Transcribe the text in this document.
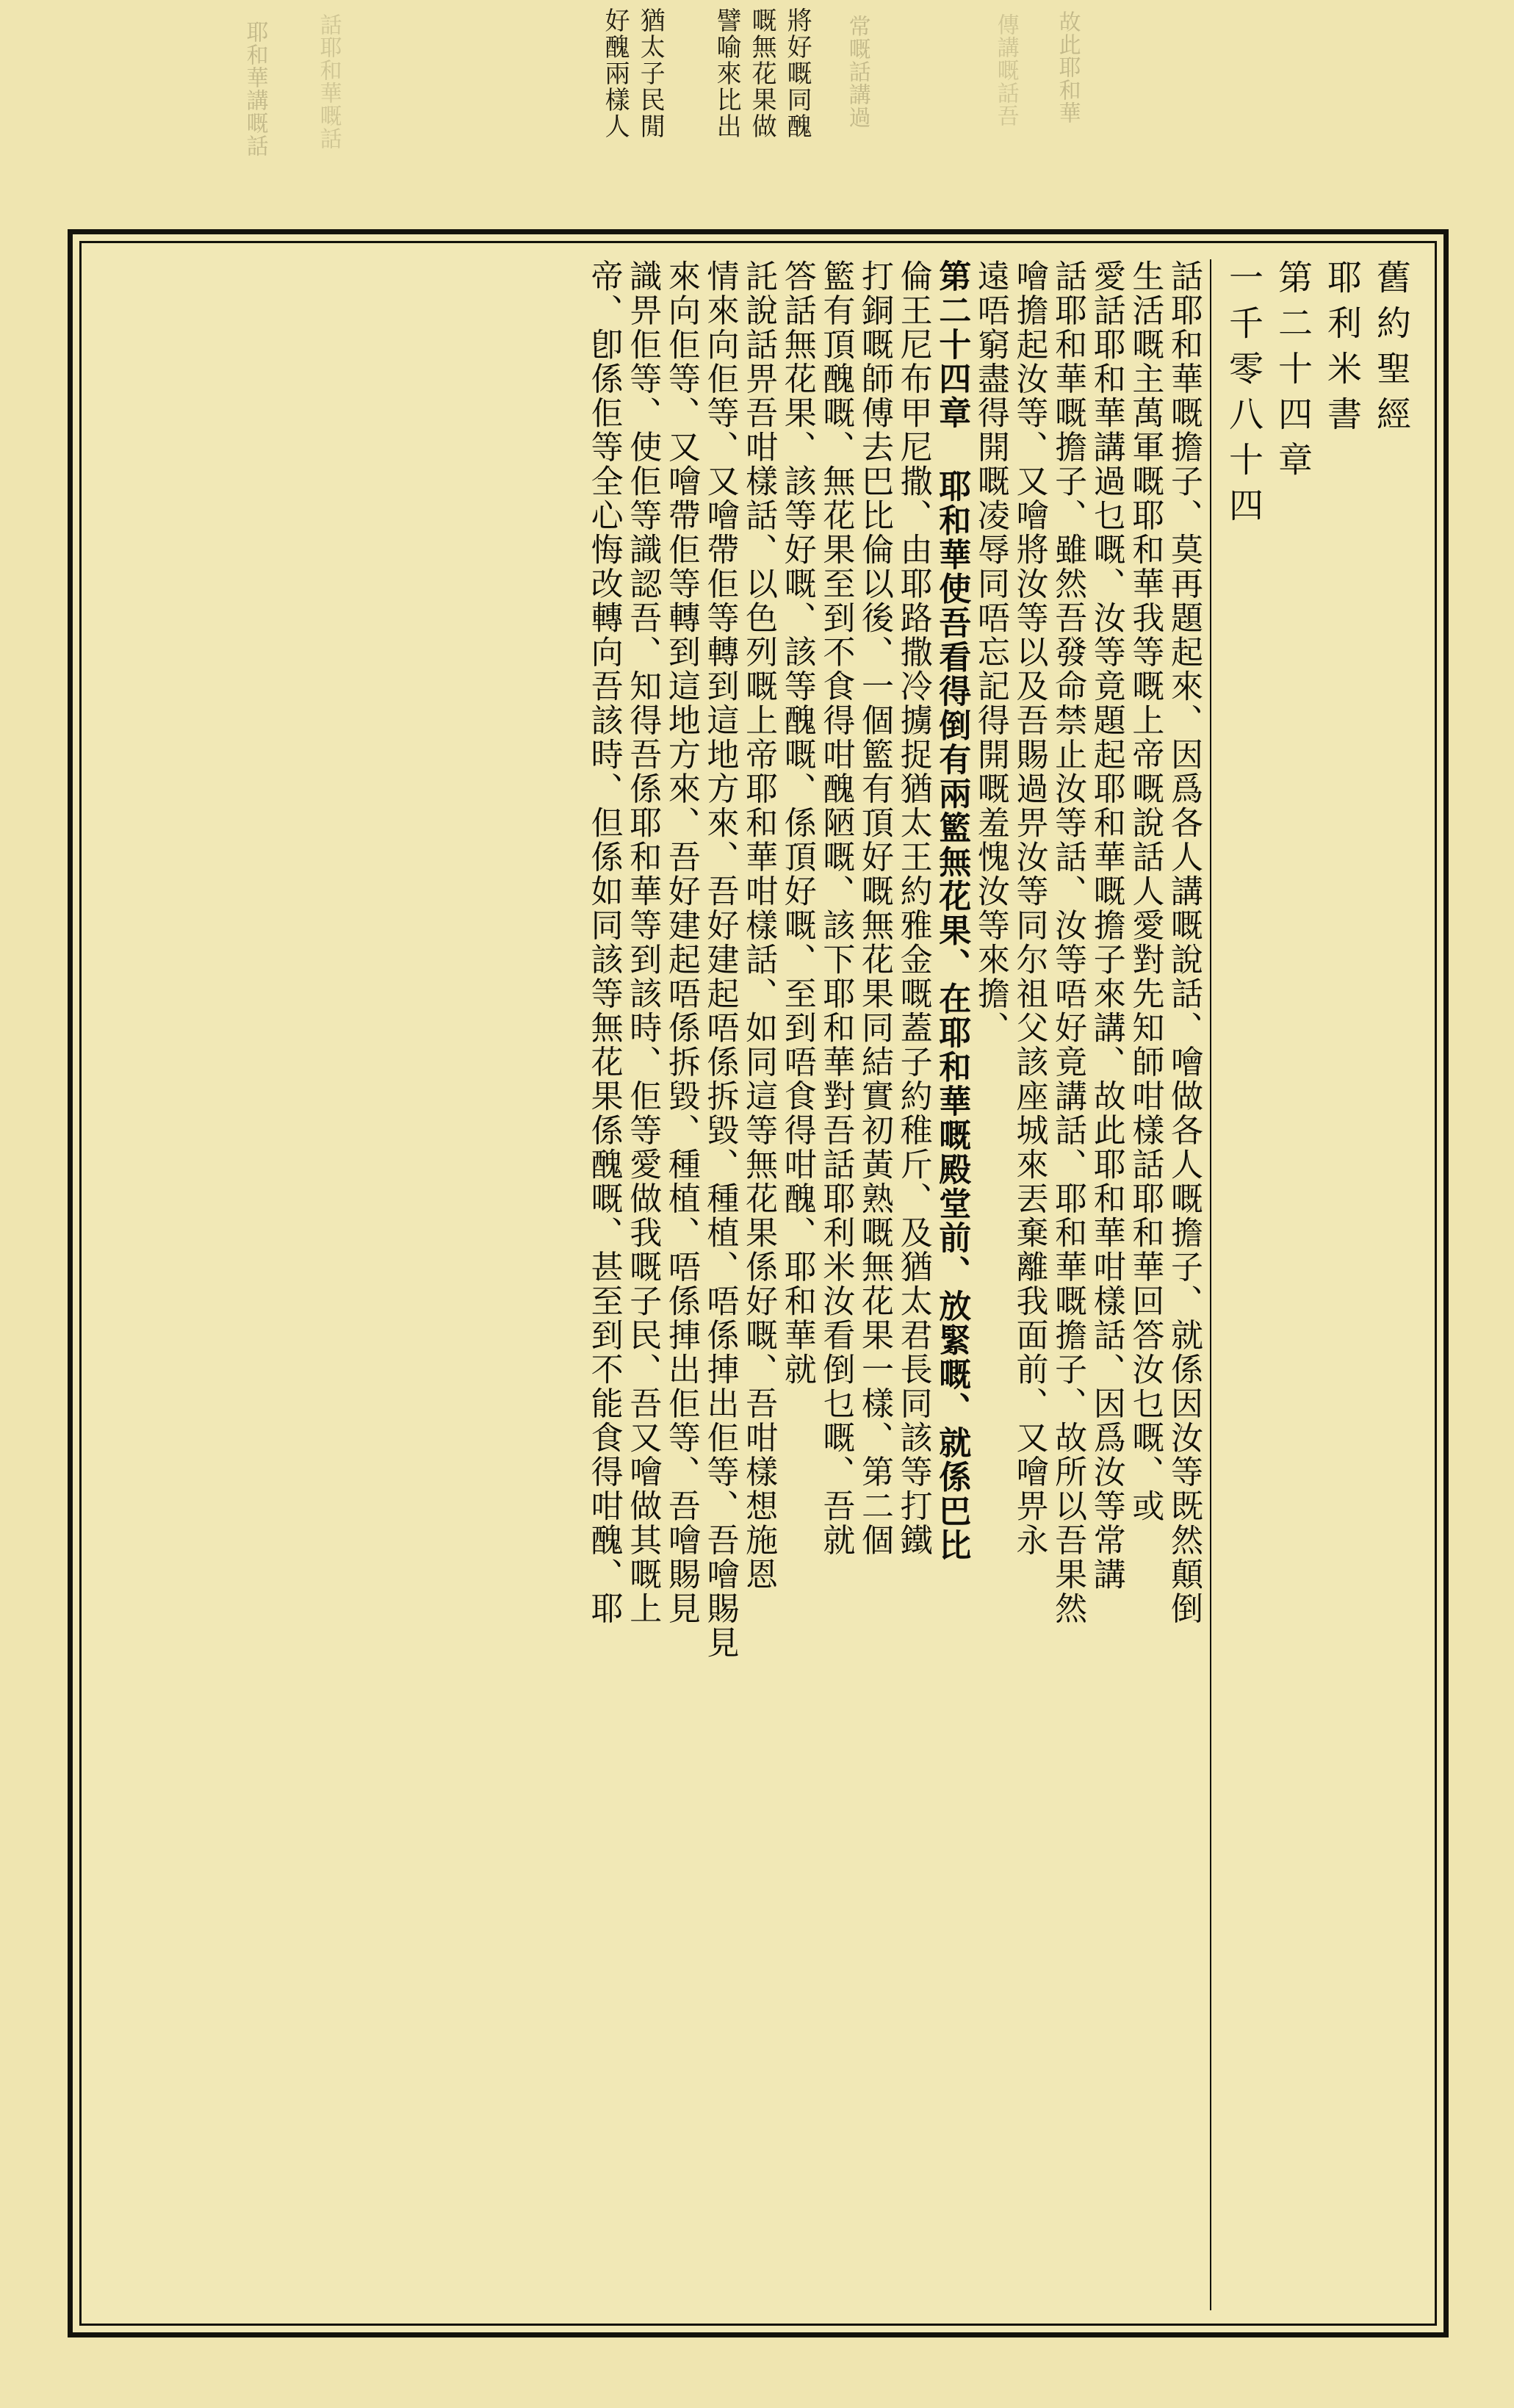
好醜兩樣人 猶太子民閒 譬喻來比出 嘅無花果做 將好嘅同醜
耶和華講嘅話 話耶和華嘅話	常嘅話講過	傳講嘅話吾 故此耶和華
舊約聖經
耶利米書
第二十四章
一千零八十四
話耶和華嘅擔子、莫再題起來、因爲各人講嘅說話、噲做各人嘅擔子、就係因汝等既然顛倒
生活嘅主萬軍嘅耶和華我等嘅上帝嘅說話人愛對先知師咁樣話耶和華回答汝乜嘅、或
愛話耶和華講過乜嘅、汝等竟題起耶和華嘅擔子來講、故此耶和華咁樣話、因爲汝等常講
話耶和華嘅擔子、雖然吾發命禁止汝等話、汝等唔好竟講話、耶和華嘅擔子、故所以吾果然
噲擔起汝等、又噲將汝等以及吾賜過畀汝等同尔祖父該座城來丟棄離我面前、又噲畀永
遠唔窮盡得開嘅凌辱同唔忘記得開嘅羞愧汝等來擔、
第二十四章 耶和華使吾看得倒有兩籃無花果、在耶和華嘅殿堂前、放緊嘅、就係巴比
倫王尼布甲尼撒、由耶路撒冷擄捉猶太王約雅金嘅蓋子約稚斤、及猶太君長同該等打鐵
打銅嘅師傅去巴比倫以後、一個籃有頂好嘅無花果同結實初黃熟嘅無花果一樣、第二個
籃有頂醜嘅、無花果至到不食得咁醜陋嘅、該下耶和華對吾話耶利米汝看倒乜嘅、吾就
答話無花果、該等好嘅、該等醜嘅、係頂好嘅、至到唔食得咁醜、耶和華就
託說話畀吾咁樣話、以色列嘅上帝耶和華咁樣話、如同這等無花果係好嘅、吾咁樣想施恩
情來向佢等、又噲帶佢等轉到這地方來、吾好建起唔係拆毀、種植、唔係捙出佢等、吾噲賜見
來向佢等、又噲帶佢等轉到這地方來、吾好建起唔係拆毀、種植、唔係捙出佢等、吾噲賜見
識畀佢等、使佢等識認吾、知得吾係耶和華等到該時、佢等愛做我嘅子民、吾又噲做其嘅上
帝、卽係佢等全心悔改轉向吾該時、但係如同該等無花果係醜嘅、甚至到不能食得咁醜、耶
